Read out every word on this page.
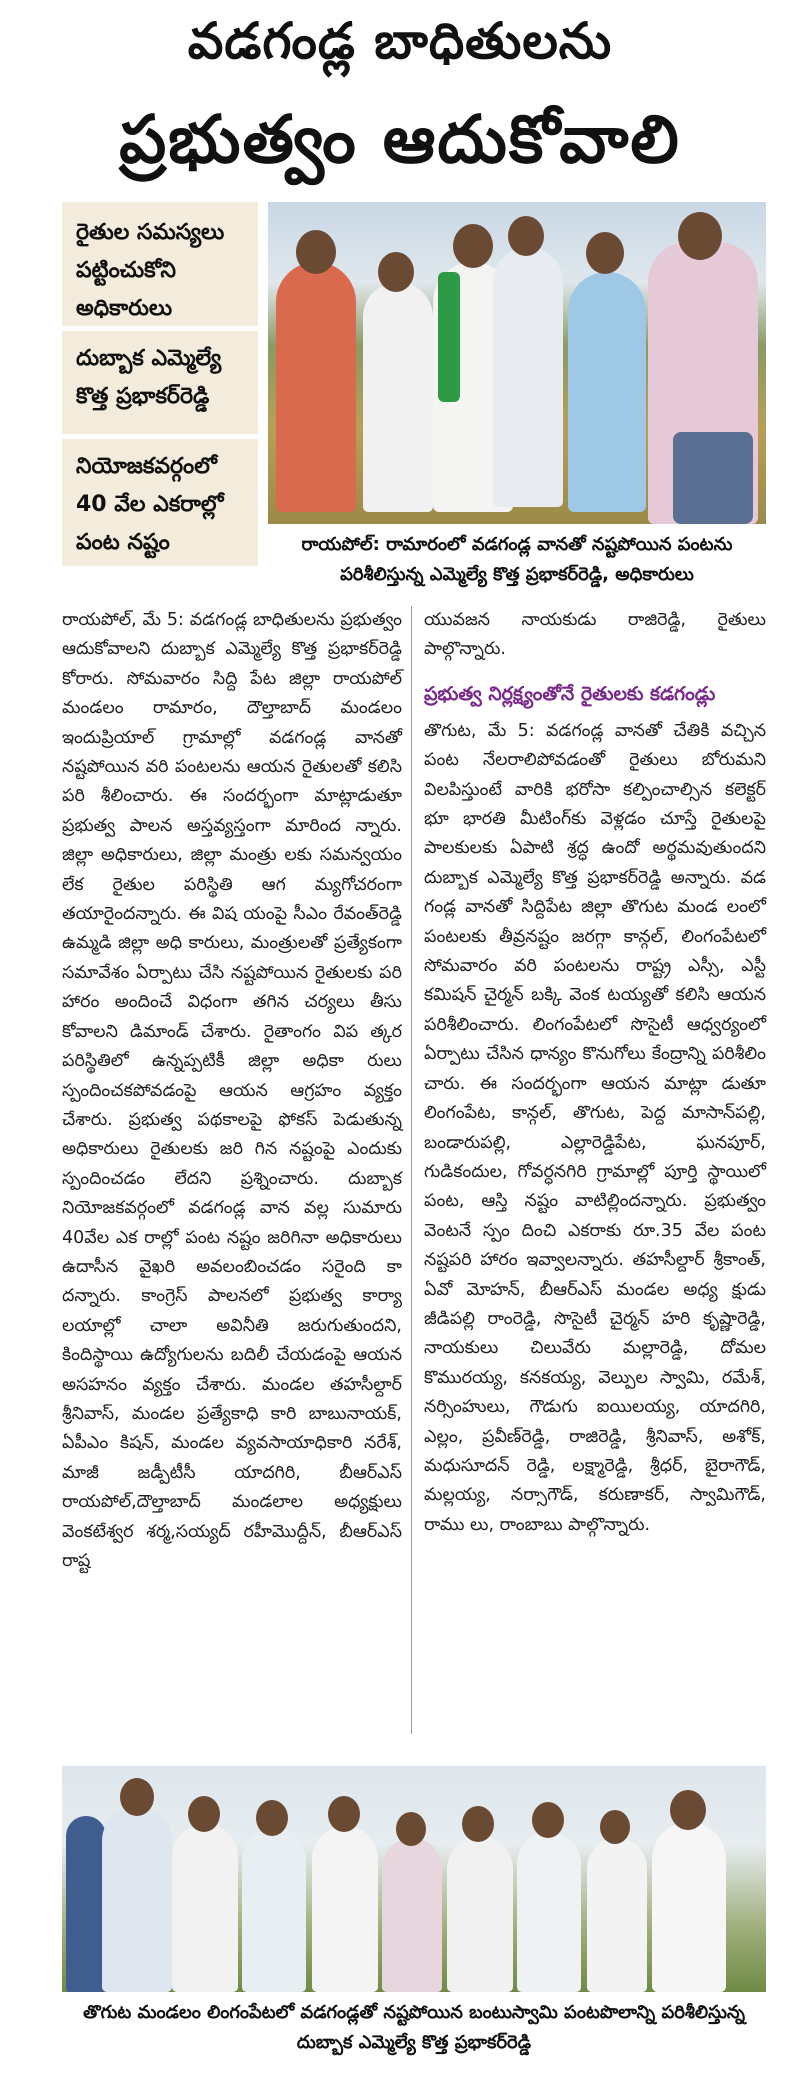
వడగండ్ల బాధితులను
ప్రభుత్వం ఆదుకోవాలి
రైతుల సమస్యలు పట్టించుకోని అధికారులు
దుబ్బాక ఎమ్మెల్యే కొత్త ప్రభాకర్‌రెడ్డి
నియోజకవర్గంలో 40 వేల ఎకరాల్లో పంట నష్టం	రాయపోల్: రామారంలో వడగండ్ల వానతో నష్టపోయిన పంటను పరిశీలిస్తున్న ఎమ్మెల్యే కొత్త ప్రభాకర్‌రెడ్డి, అధికారులు

రాయపోల్, మే 5: వడగండ్ల బాధితులను ప్రభుత్వం ఆదుకోవాలని దుబ్బాక ఎమ్మెల్యే కొత్త ప్రభాకర్‌రెడ్డి కోరారు. సోమవారం సిద్ది పేట జిల్లా రాయపోల్ మండలం రామారం, దౌల్తాబాద్ మండలం ఇందుప్రియాల్ గ్రామాల్లో వడగండ్ల వానతో నష్టపోయిన వరి పంటలను ఆయన రైతులతో కలిసి పరి శీలించారు. ఈ సందర్భంగా మాట్లాడుతూ ప్రభుత్వ పాలన అస్తవ్యస్తంగా మారింద న్నారు. జిల్లా అధికారులు, జిల్లా మంత్రు లకు సమన్వయం లేక రైతుల పరిస్థితి ఆగ మ్యగోచరంగా తయారైందన్నారు. ఈ విష యంపై సీఎం రేవంత్‌రెడ్డి ఉమ్మడి జిల్లా అధి కారులు, మంత్రులతో ప్రత్యేకంగా సమావేశం ఏర్పాటు చేసి నష్టపోయిన రైతులకు పరి హారం అందించే విధంగా తగిన చర్యలు తీసు కోవాలని డిమాండ్ చేశారు. రైతాంగం విప త్కర పరిస్థితిలో ఉన్నప్పటికీ జిల్లా అధికా రులు స్పందించకపోవడంపై ఆయన ఆగ్రహం వ్యక్తం చేశారు. ప్రభుత్వ పథకాలపై ఫోకస్ పెడుతున్న అధికారులు రైతులకు జరి గిన నష్టంపై ఎందుకు స్పందించడం లేదని ప్రశ్నించారు. దుబ్బాక నియోజకవర్గంలో వడగండ్ల వాన వల్ల సుమారు 40వేల ఎక రాల్లో పంట నష్టం జరిగినా అధికారులు ఉదాసీన వైఖరి అవలంబించడం సరైంది కా దన్నారు. కాంగ్రెస్ పాలనలో ప్రభుత్వ కార్యా లయాల్లో చాలా అవినీతి జరుగుతుందని, కిందిస్థాయి ఉద్యోగులను బదిలీ చేయడంపై ఆయన అసహనం వ్యక్తం చేశారు. మండల తహసీల్దార్ శ్రీనివాస్, మండల ప్రత్యేకాధి కారి బాబునాయక్, ఏపీఎం కిషన్, మండల వ్యవసాయాధికారి నరేశ్, మాజీ జడ్పీటీసీ యాదగిరి, బీఆర్‌ఎస్ రాయపోల్,దౌల్తాబాద్ మండలాల అధ్యక్షులు వెంకటేశ్వర శర్మ,సయ్యద్ రహీమొద్దీన్, బీఆర్‌ఎస్ రాష్ట

యువజన నాయకుడు రాజిరెడ్డి, రైతులు పాల్గొన్నారు.

ప్రభుత్వ నిర్లక్ష్యంతోనే రైతులకు కడగండ్లు

తొగుట, మే 5: వడగండ్ల వానతో చేతికి వచ్చిన పంట నేలరాలిపోవడంతో రైతులు బోరుమని విలపిస్తుంటే వారికి భరోసా కల్పించాల్సిన కలెక్టర్ భూ భారతి మీటింగ్‌కు వెళ్లడం చూస్తే రైతులపై పాలకులకు ఏపాటి శ్రద్ధ ఉందో అర్థమవుతుందని దుబ్బాక ఎమ్మెల్యే కొత్త ప్రభాకర్‌రెడ్డి అన్నారు. వడ గండ్ల వానతో సిద్దిపేట జిల్లా తొగుట మండ లంలో పంటలకు తీవ్రనష్టం జరగ్గా కాన్గల్, లింగంపేటలో సోమవారం వరి పంటలను రాష్ట్ర ఎస్సీ, ఎస్టీ కమిషన్ చైర్మన్ బక్కి వెంక టయ్యతో కలిసి ఆయన పరిశీలించారు. లింగంపేటలో సొసైటీ ఆధ్వర్యంలో ఏర్పాటు చేసిన ధాన్యం కొనుగోలు కేంద్రాన్ని పరిశీలిం చారు. ఈ సందర్భంగా ఆయన మాట్లా డుతూ లింగంపేట, కాన్గల్, తొగుట, పెద్ద మాసాన్‌పల్లి, బండారుపల్లి, ఎల్లారెడ్డిపేట, ఘనపూర్, గుడికందుల, గోవర్ధనగిరి గ్రామాల్లో పూర్తి స్థాయిలో పంట, ఆస్తి నష్టం వాటిల్లిందన్నారు. ప్రభుత్వం వెంటనే స్పం దించి ఎకరాకు రూ.35 వేల పంట నష్టపరి హారం ఇవ్వాలన్నారు. తహసీల్దార్ శ్రీకాంత్, ఏవో మోహన్, బీఆర్‌ఎస్ మండల అధ్య క్షుడు జీడిపల్లి రాంరెడ్డి, సొసైటీ చైర్మన్ హరి కృష్ణారెడ్డి, నాయకులు చిలువేరు మల్లారెడ్డి, దోమల కొమురయ్య, కనకయ్య, వెల్పుల స్వామి, రమేశ్, నర్సింహులు, గౌడుగు ఐయిలయ్య, యాదగిరి, ఎల్లం, ప్రవీణ్‌రెడ్డి, రాజిరెడ్డి, శ్రీనివాస్, అశోక్, మధుసూదన్ రెడ్డి, లక్ష్మారెడ్డి, శ్రీధర్, బైరాగౌడ్, మల్లయ్య, నర్సాగౌడ్, కరుణాకర్, స్వామిగౌడ్, రాము లు, రాంబాబు పాల్గొన్నారు.

తొగుట మండలం లింగంపేటలో వడగండ్లతో నష్టపోయిన బంటుస్వామి పంటపొలాన్ని పరిశీలిస్తున్న దుబ్బాక ఎమ్మెల్యే కొత్త ప్రభాకర్‌రెడ్డి
